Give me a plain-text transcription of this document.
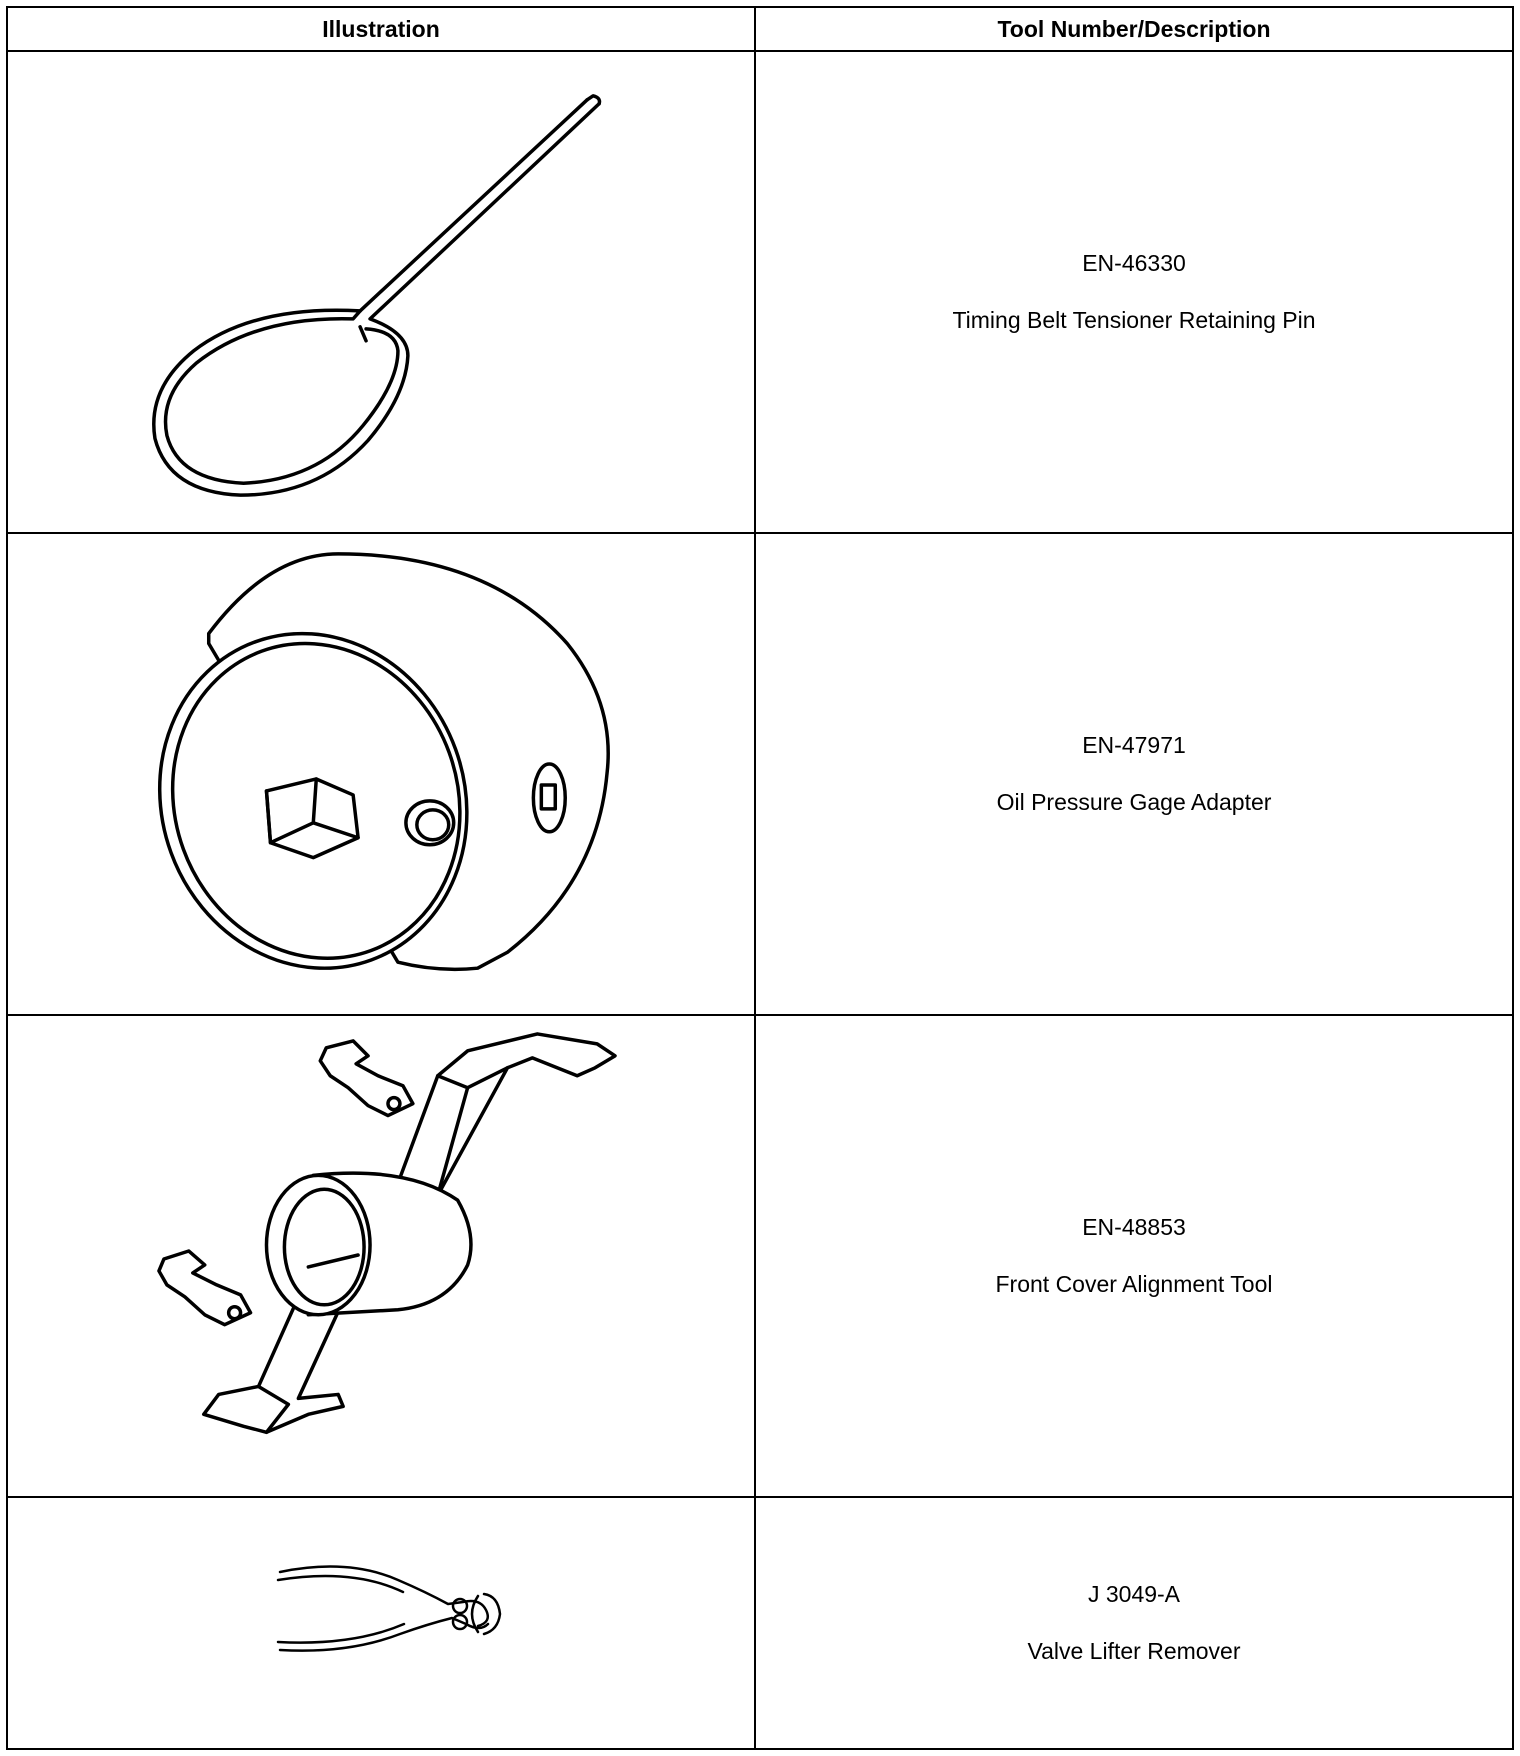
Illustration	Tool Number/Description
EN-46330
Timing Belt Tensioner Retaining Pin
EN-47971
Oil Pressure Gage Adapter
EN-48853
Front Cover Alignment Tool
J 3049-A
Valve Lifter Remover
